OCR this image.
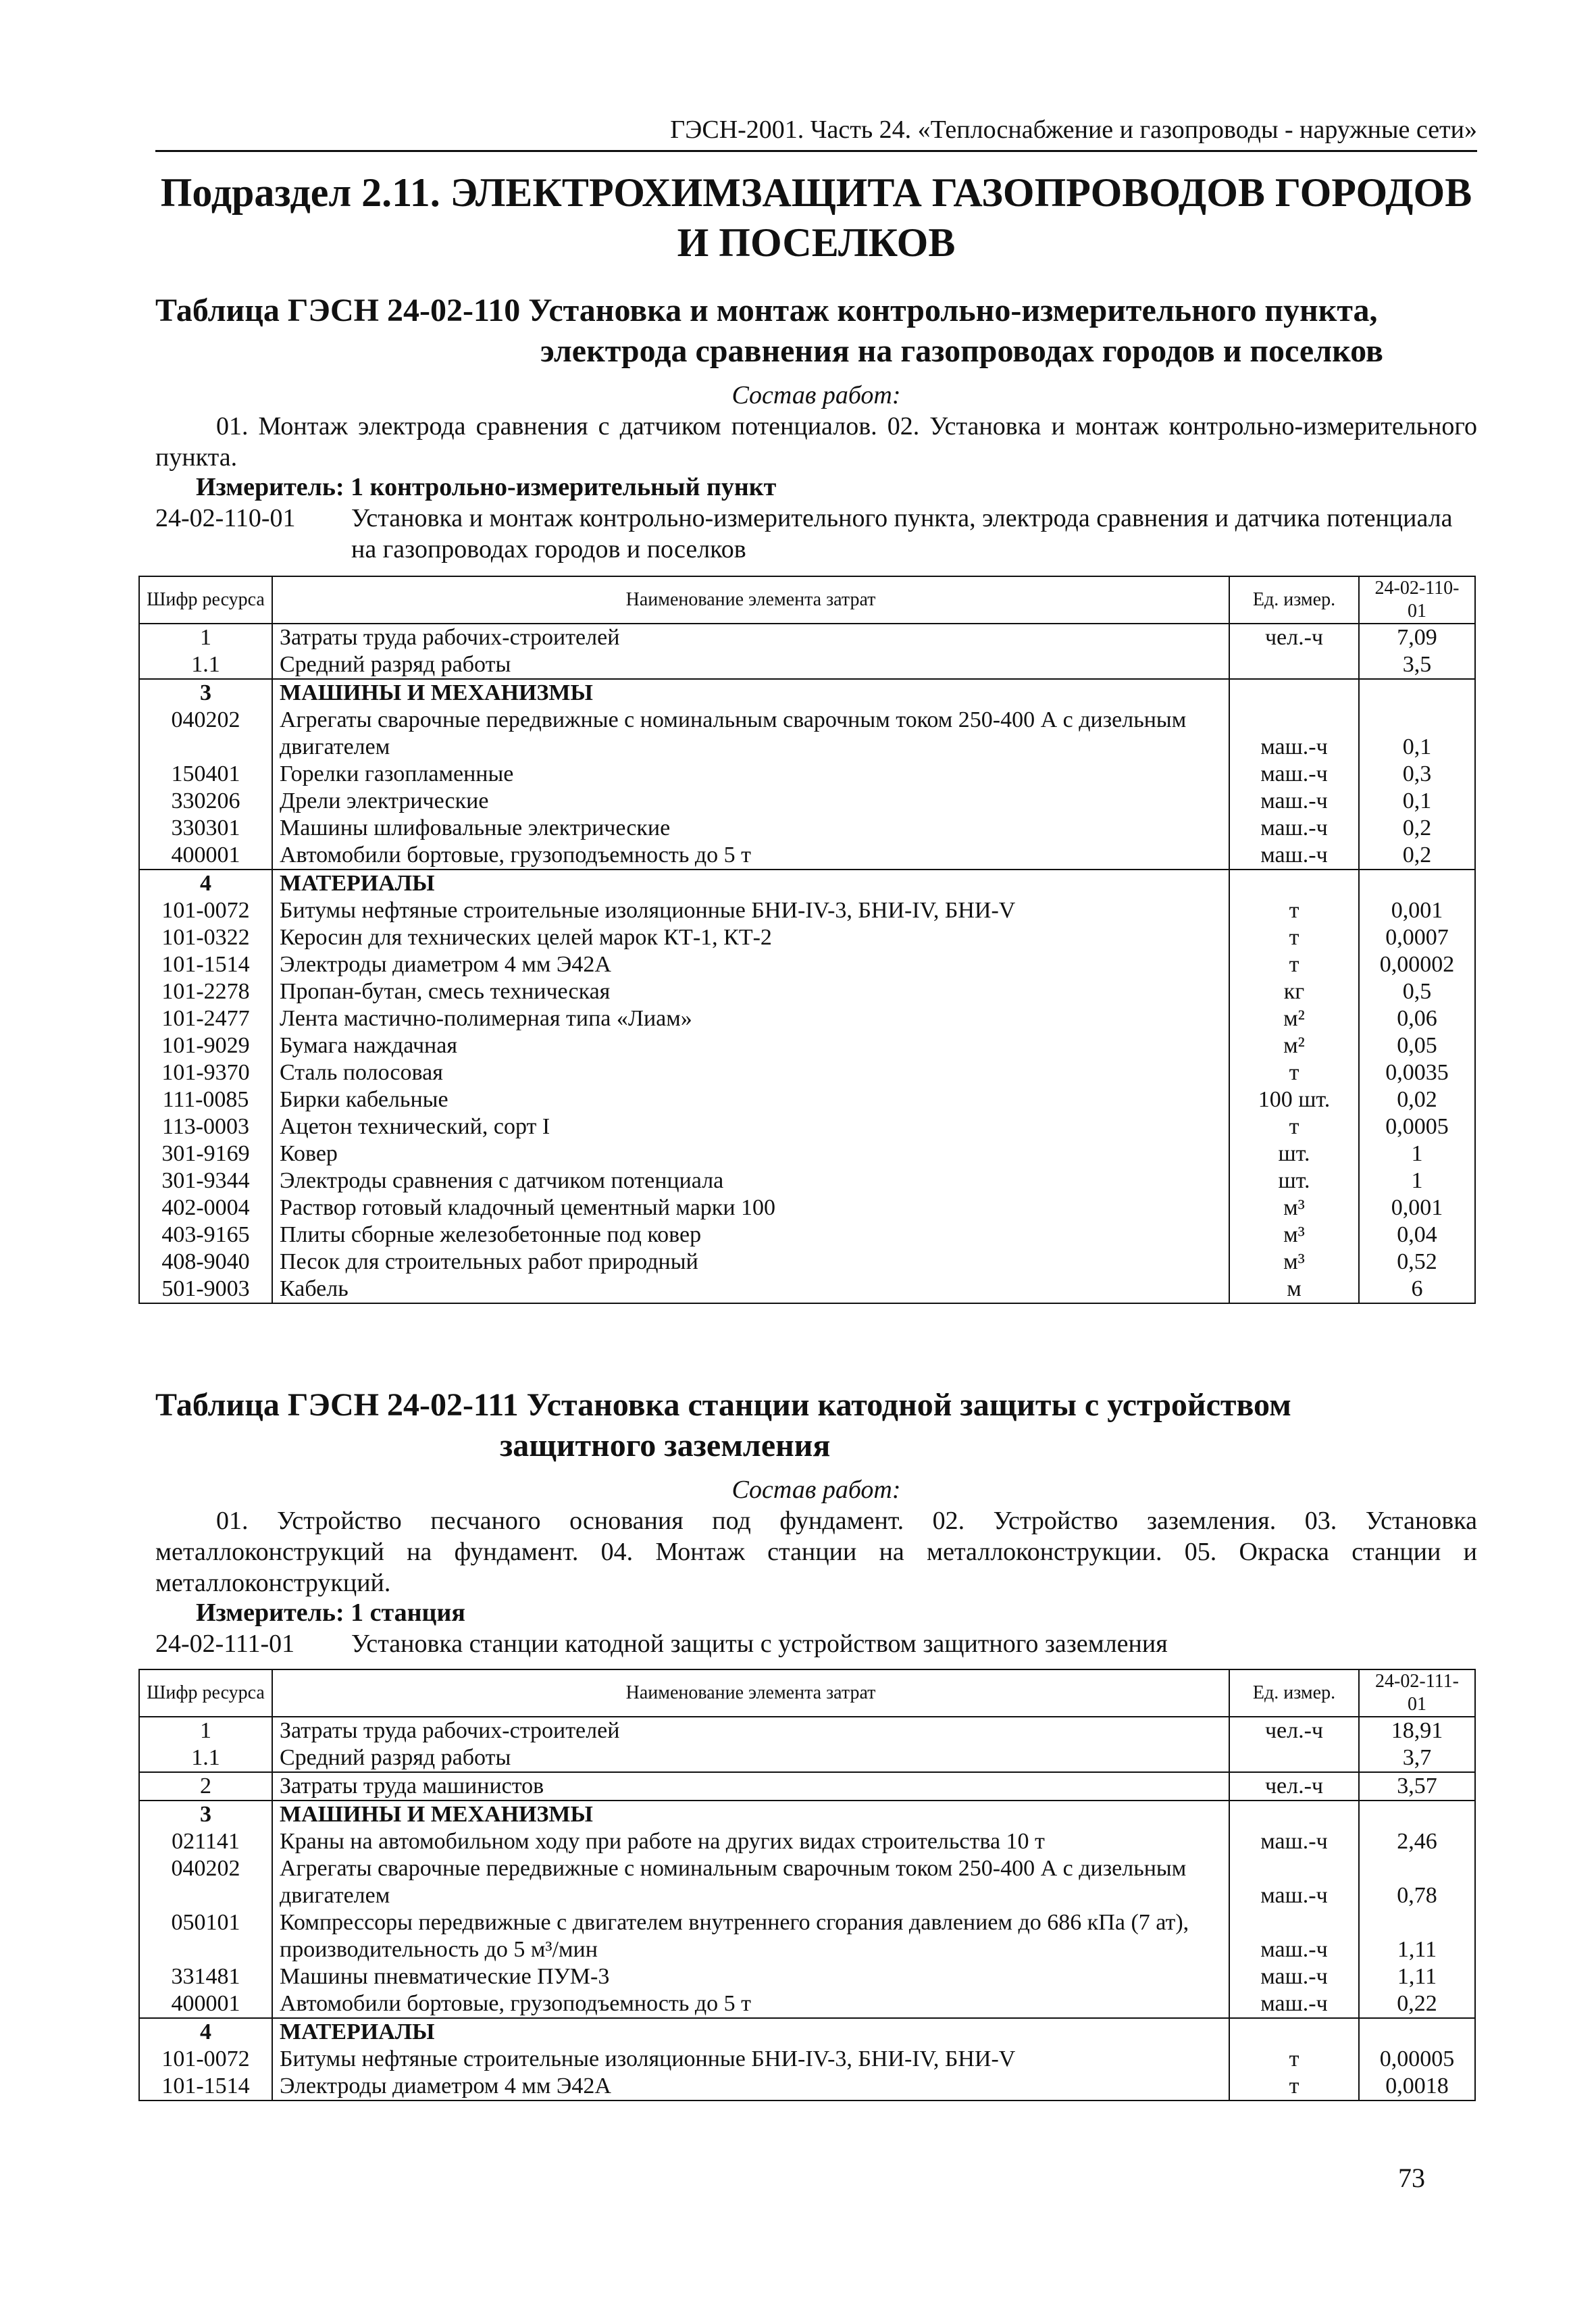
ГЭСН-2001. Часть 24. «Теплоснабжение и газопроводы - наружные сети»
Подраздел 2.11. ЭЛЕКТРОХИМЗАЩИТА ГАЗОПРОВОДОВ ГОРОДОВ И ПОСЕЛКОВ
Таблица ГЭСН 24-02-110 Установка и монтаж контрольно-измерительного пункта,
электрода сравнения на газопроводах городов и поселков
Состав работ:
01. Монтаж электрода сравнения с датчиком потенциалов. 02. Установка и монтаж контрольно-измерительного пункта.
Измеритель: 1 контрольно-измерительный пункт
24-02-110-01	Установка и монтаж контрольно-измерительного пункта, электрода сравнения и датчика потенциала на газопроводах городов и поселков
Шифр ресурса	Наименование элемента затрат	Ед. измер.	24-02-110-01
1	Затраты труда рабочих-строителей	чел.-ч	7,09
1.1	Средний разряд работы		3,5
3	МАШИНЫ И МЕХАНИЗМЫ		
040202	Агрегаты сварочные передвижные с номинальным сварочным током 250-400 А с дизельным двигателем	маш.-ч	0,1
150401	Горелки газопламенные	маш.-ч	0,3
330206	Дрели электрические	маш.-ч	0,1
330301	Машины шлифовальные электрические	маш.-ч	0,2
400001	Автомобили бортовые, грузоподъемность до 5 т	маш.-ч	0,2
4	МАТЕРИАЛЫ		
101-0072	Битумы нефтяные строительные изоляционные БНИ-IV-3, БНИ-IV, БНИ-V	т	0,001
101-0322	Керосин для технических целей марок КТ-1, КТ-2	т	0,0007
101-1514	Электроды диаметром 4 мм Э42А	т	0,00002
101-2278	Пропан-бутан, смесь техническая	кг	0,5
101-2477	Лента мастично-полимерная типа «Лиам»	м²	0,06
101-9029	Бумага наждачная	м²	0,05
101-9370	Сталь полосовая	т	0,0035
111-0085	Бирки кабельные	100 шт.	0,02
113-0003	Ацетон технический, сорт I	т	0,0005
301-9169	Ковер	шт.	1
301-9344	Электроды сравнения с датчиком потенциала	шт.	1
402-0004	Раствор готовый кладочный цементный марки 100	м³	0,001
403-9165	Плиты сборные железобетонные под ковер	м³	0,04
408-9040	Песок для строительных работ природный	м³	0,52
501-9003	Кабель	м	6
Таблица ГЭСН 24-02-111 Установка станции катодной защиты с устройством
защитного заземления
Состав работ:
01. Устройство песчаного основания под фундамент. 02. Устройство заземления. 03. Установка металлоконструкций на фундамент. 04. Монтаж станции на металлоконструкции. 05. Окраска станции и металлоконструкций.
Измеритель: 1 станция
24-02-111-01	Установка станции катодной защиты с устройством защитного заземления
Шифр ресурса	Наименование элемента затрат	Ед. измер.	24-02-111-01
1	Затраты труда рабочих-строителей	чел.-ч	18,91
1.1	Средний разряд работы		3,7
2	Затраты труда машинистов	чел.-ч	3,57
3	МАШИНЫ И МЕХАНИЗМЫ		
021141	Краны на автомобильном ходу при работе на других видах строительства 10 т	маш.-ч	2,46
040202	Агрегаты сварочные передвижные с номинальным сварочным током 250-400 А с дизельным двигателем	маш.-ч	0,78
050101	Компрессоры передвижные с двигателем внутреннего сгорания давлением до 686 кПа (7 ат), производительность до 5 м³/мин	маш.-ч	1,11
331481	Машины пневматические ПУМ-3	маш.-ч	1,11
400001	Автомобили бортовые, грузоподъемность до 5 т	маш.-ч	0,22
4	МАТЕРИАЛЫ		
101-0072	Битумы нефтяные строительные изоляционные БНИ-IV-3, БНИ-IV, БНИ-V	т	0,00005
101-1514	Электроды диаметром 4 мм Э42А	т	0,0018
73
